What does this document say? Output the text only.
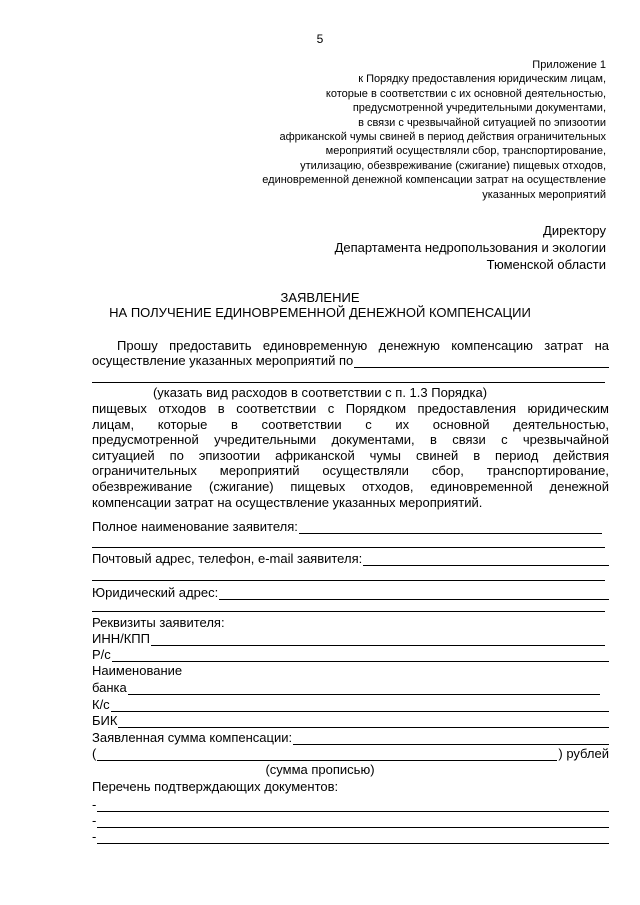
5
Приложение 1
к Порядку предоставления юридическим лицам,
которые в соответствии с их основной деятельностью,
предусмотренной учредительными документами,
в связи с чрезвычайной ситуацией по эпизоотии
африканской чумы свиней в период действия ограничительных
мероприятий осуществляли сбор, транспортирование,
утилизацию, обезвреживание (сжигание) пищевых отходов,
единовременной денежной компенсации затрат на осуществление
указанных мероприятий
Директору
Департамента недропользования и экологии
Тюменской области
ЗАЯВЛЕНИЕ
НА ПОЛУЧЕНИЕ ЕДИНОВРЕМЕННОЙ ДЕНЕЖНОЙ КОМПЕНСАЦИИ
Прошу предоставить единовременную денежную компенсацию затрат на
осуществление указанных мероприятий по
(указать вид расходов в соответствии с п. 1.3 Порядка)
пищевых отходов в соответствии с Порядком предоставления юридическим
лицам, которые в соответствии с их основной деятельностью,
предусмотренной учредительными документами, в связи с чрезвычайной
ситуацией по эпизоотии африканской чумы свиней в период действия
ограничительных мероприятий осуществляли сбор, транспортирование,
обезвреживание (сжигание) пищевых отходов, единовременной денежной
компенсации затрат на осуществление указанных мероприятий.
Полное наименование заявителя:
Почтовый адрес, телефон, e-mail заявителя:
Юридический адрес:
Реквизиты заявителя:
ИНН/КПП
Р/с
Наименование
банка
К/с
БИК
Заявленная сумма компенсации:
(	) рублей
(сумма прописью)
Перечень подтверждающих документов:
-
-
-
